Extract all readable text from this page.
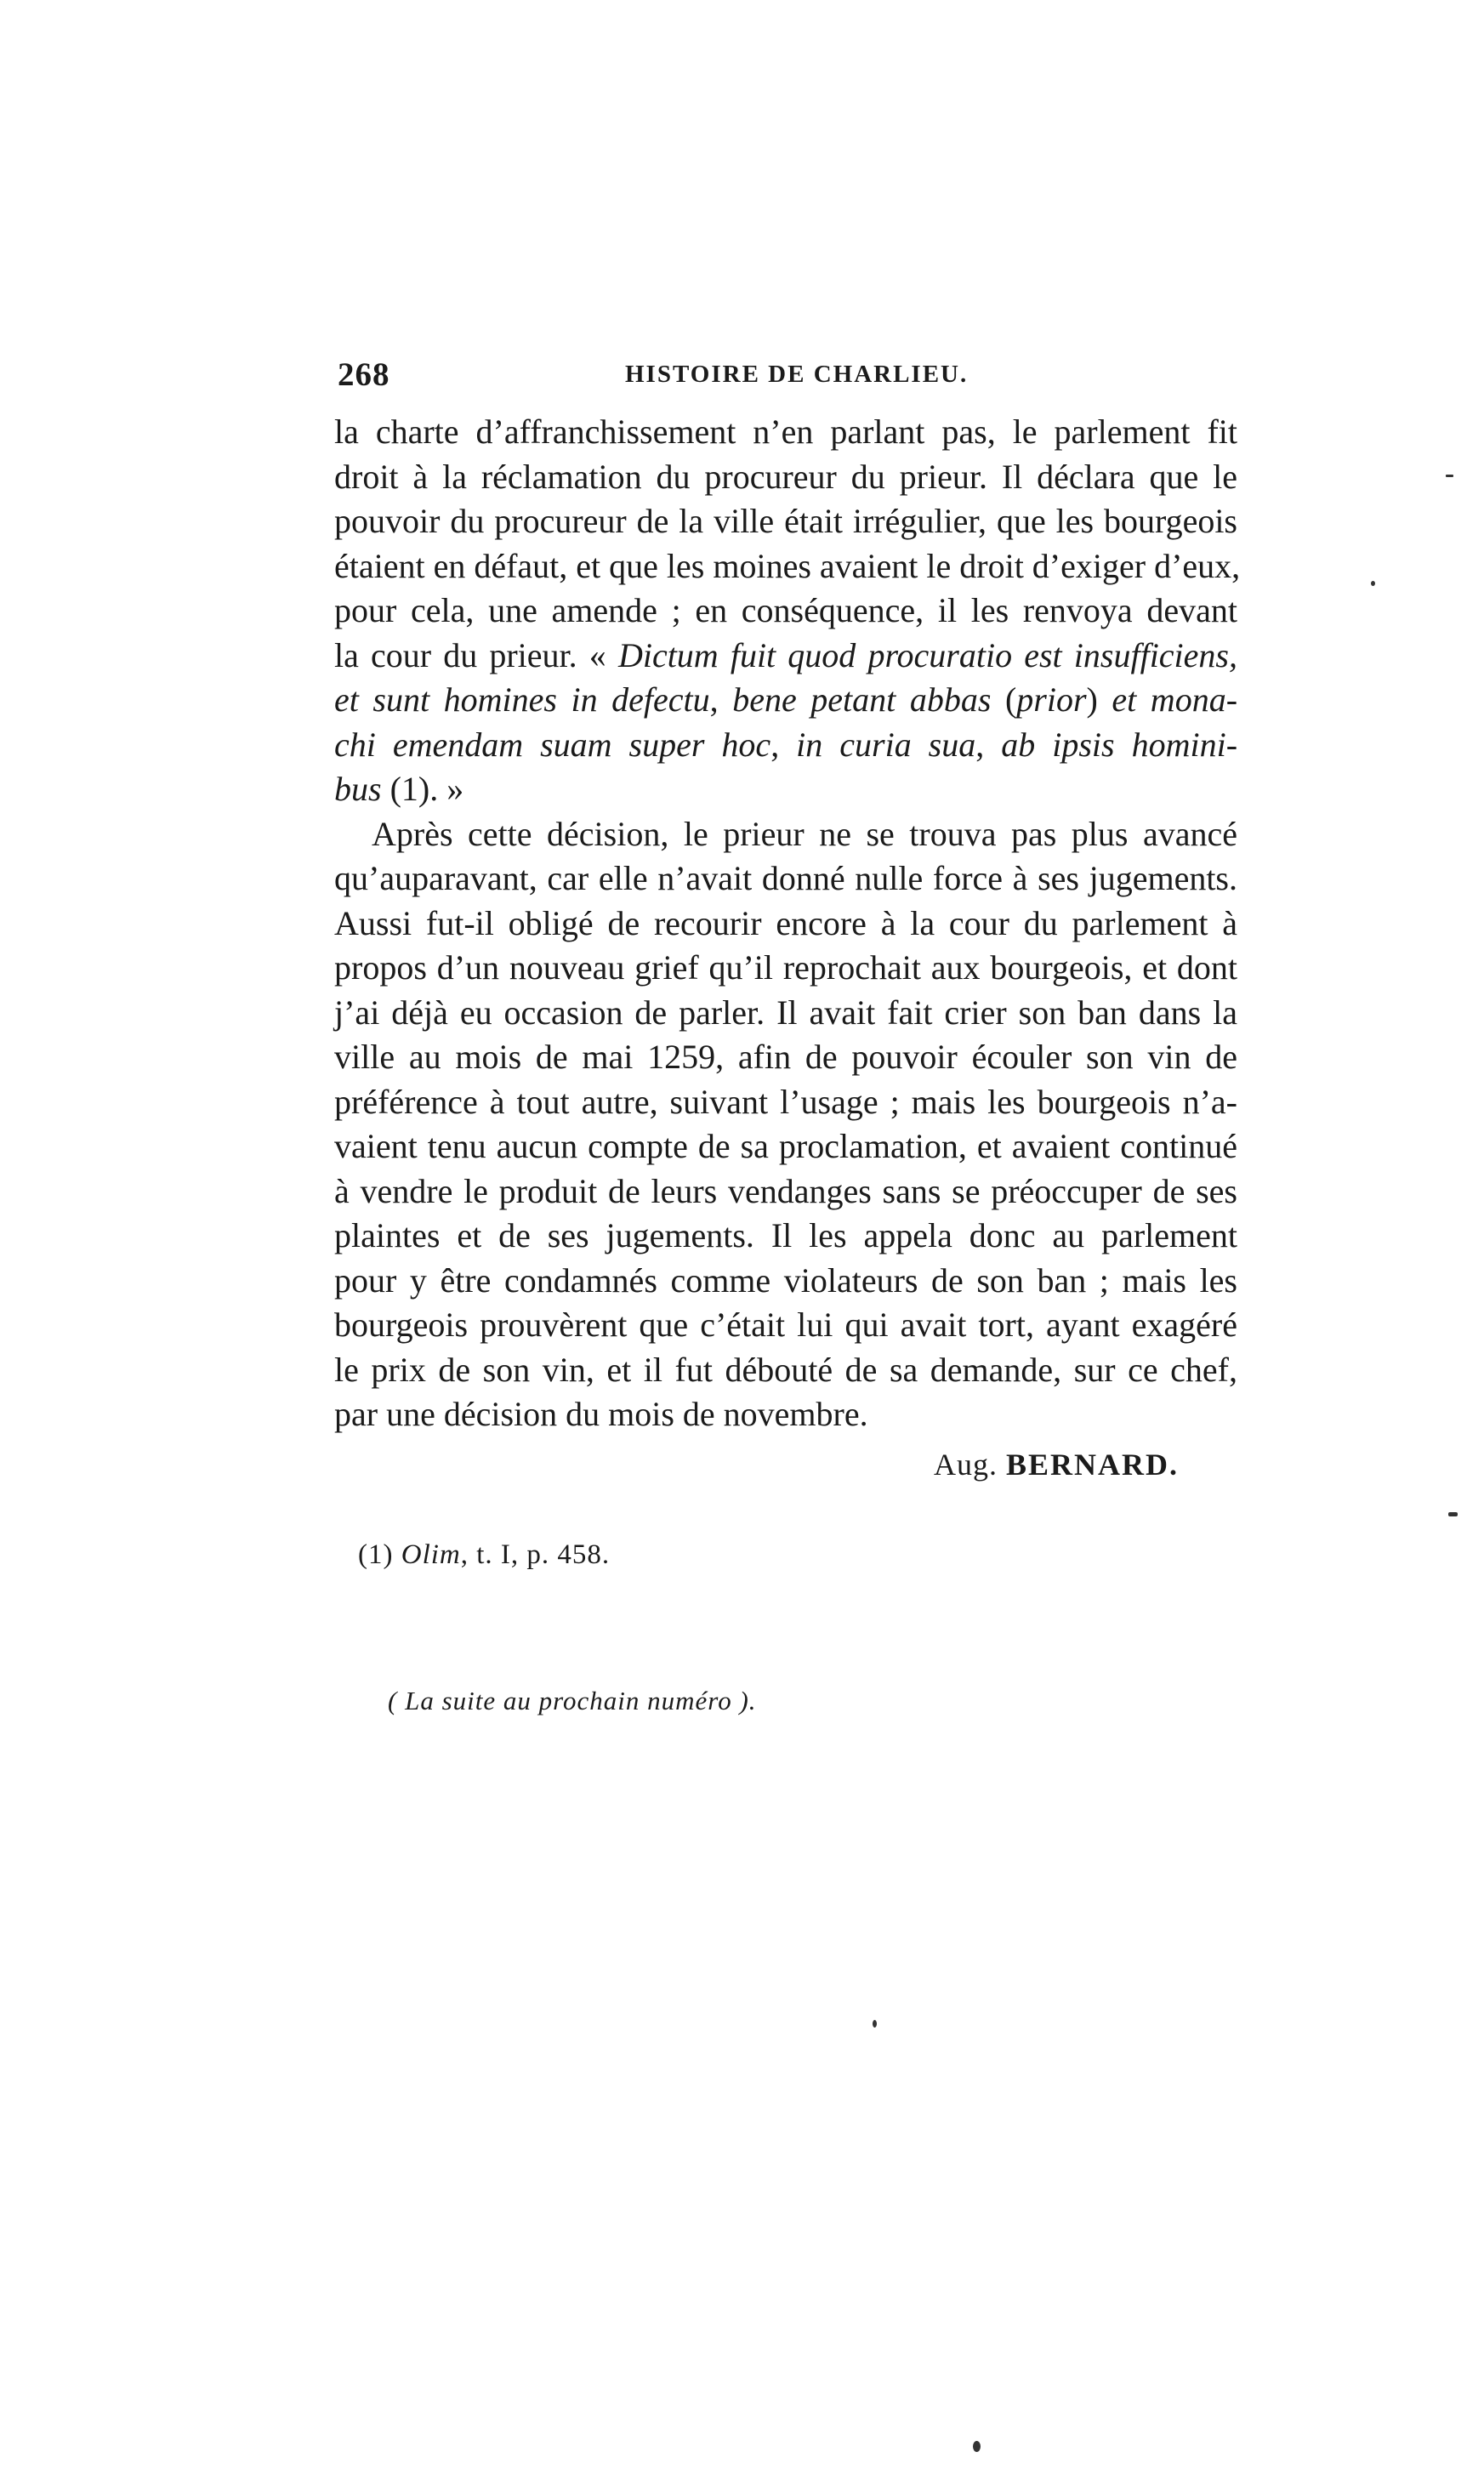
268	HISTOIRE DE CHARLIEU.
la charte d’affranchissement n’en parlant pas, le parlement fit
droit à la réclamation du procureur du prieur. Il déclara que le
pouvoir du procureur de la ville était irrégulier, que les bourgeois
étaient en défaut, et que les moines avaient le droit d’exiger d’eux,
pour cela, une amende ; en conséquence, il les renvoya devant
la cour du prieur. « Dictum fuit quod procuratio est insufficiens,
et sunt homines in defectu, bene petant abbas (prior) et mona-
chi emendam suam super hoc, in curia sua, ab ipsis homini-
bus (1). »
Après cette décision, le prieur ne se trouva pas plus avancé
qu’auparavant, car elle n’avait donné nulle force à ses jugements.
Aussi fut-il obligé de recourir encore à la cour du parlement à
propos d’un nouveau grief qu’il reprochait aux bourgeois, et dont
j’ai déjà eu occasion de parler. Il avait fait crier son ban dans la
ville au mois de mai 1259, afin de pouvoir écouler son vin de
préférence à tout autre, suivant l’usage ; mais les bourgeois n’a-
vaient tenu aucun compte de sa proclamation, et avaient continué
à vendre le produit de leurs vendanges sans se préoccuper de ses
plaintes et de ses jugements. Il les appela donc au parlement
pour y être condamnés comme violateurs de son ban ; mais les
bourgeois prouvèrent que c’était lui qui avait tort, ayant exagéré
le prix de son vin, et il fut débouté de sa demande, sur ce chef,
par une décision du mois de novembre.
Aug. BERNARD.
(1) Olim, t. I, p. 458.
( La suite au prochain numéro ).
